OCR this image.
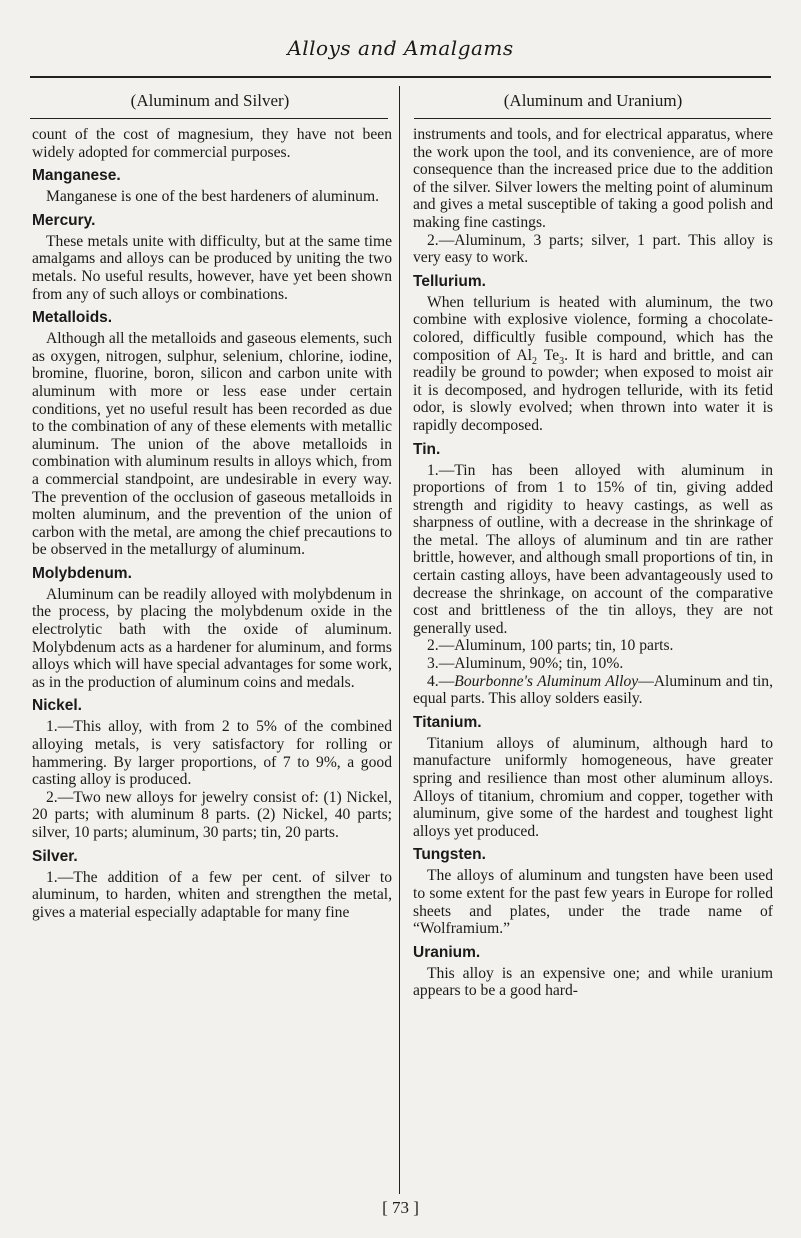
Alloys and Amalgams
(Aluminum and Silver)	(Aluminum and Uranium)

count of the cost of magnesium, they have not been widely adopted for commercial purposes.

Manganese.

Manganese is one of the best hardeners of aluminum.

Mercury.

These metals unite with difficulty, but at the same time amalgams and alloys can be produced by uniting the two metals. No useful results, however, have yet been shown from any of such alloys or combinations.

Metalloids.

Although all the metalloids and gaseous elements, such as oxygen, nitrogen, sulphur, selenium, chlorine, iodine, bromine, fluorine, boron, silicon and carbon unite with aluminum with more or less ease under certain conditions, yet no useful result has been recorded as due to the combination of any of these elements with metallic aluminum. The union of the above metalloids in combination with aluminum results in alloys which, from a commercial standpoint, are undesirable in every way. The prevention of the occlusion of gaseous metalloids in molten aluminum, and the prevention of the union of carbon with the metal, are among the chief precautions to be observed in the metallurgy of aluminum.

Molybdenum.

Aluminum can be readily alloyed with molybdenum in the process, by placing the molybdenum oxide in the electrolytic bath with the oxide of aluminum. Molybdenum acts as a hardener for aluminum, and forms alloys which will have special advantages for some work, as in the production of aluminum coins and medals.

Nickel.

1.—This alloy, with from 2 to 5% of the combined alloying metals, is very satisfactory for rolling or hammering. By larger proportions, of 7 to 9%, a good casting alloy is produced.

2.—Two new alloys for jewelry consist of: (1) Nickel, 20 parts; with aluminum 8 parts. (2) Nickel, 40 parts; silver, 10 parts; aluminum, 30 parts; tin, 20 parts.

Silver.

1.—The addition of a few per cent. of silver to aluminum, to harden, whiten and strengthen the metal, gives a material especially adaptable for many fine

instruments and tools, and for electrical apparatus, where the work upon the tool, and its convenience, are of more consequence than the increased price due to the addition of the silver. Silver lowers the melting point of aluminum and gives a metal susceptible of taking a good polish and making fine castings.

2.—Aluminum, 3 parts; silver, 1 part. This alloy is very easy to work.

Tellurium.

When tellurium is heated with aluminum, the two combine with explosive violence, forming a chocolate-colored, difficultly fusible compound, which has the composition of $Al_2$ $Te_3$. It is hard and brittle, and can readily be ground to powder; when exposed to moist air it is decomposed, and hydrogen telluride, with its fetid odor, is slowly evolved; when thrown into water it is rapidly decomposed.

Tin.

1.—Tin has been alloyed with aluminum in proportions of from 1 to 15% of tin, giving added strength and rigidity to heavy castings, as well as sharpness of outline, with a decrease in the shrinkage of the metal. The alloys of aluminum and tin are rather brittle, however, and although small proportions of tin, in certain casting alloys, have been advantageously used to decrease the shrinkage, on account of the comparative cost and brittleness of the tin alloys, they are not generally used.

2.—Aluminum, 100 parts; tin, 10 parts.

3.—Aluminum, 90%; tin, 10%.

4.—Bourbonne's Aluminum Alloy—Aluminum and tin, equal parts. This alloy solders easily.

Titanium.

Titanium alloys of aluminum, although hard to manufacture uniformly homogeneous, have greater spring and resilience than most other aluminum alloys. Alloys of titanium, chromium and copper, together with aluminum, give some of the hardest and toughest light alloys yet produced.

Tungsten.

The alloys of aluminum and tungsten have been used to some extent for the past few years in Europe for rolled sheets and plates, under the trade name of “Wolframium.”

Uranium.

This alloy is an expensive one; and while uranium appears to be a good hard-

[ 73 ]
